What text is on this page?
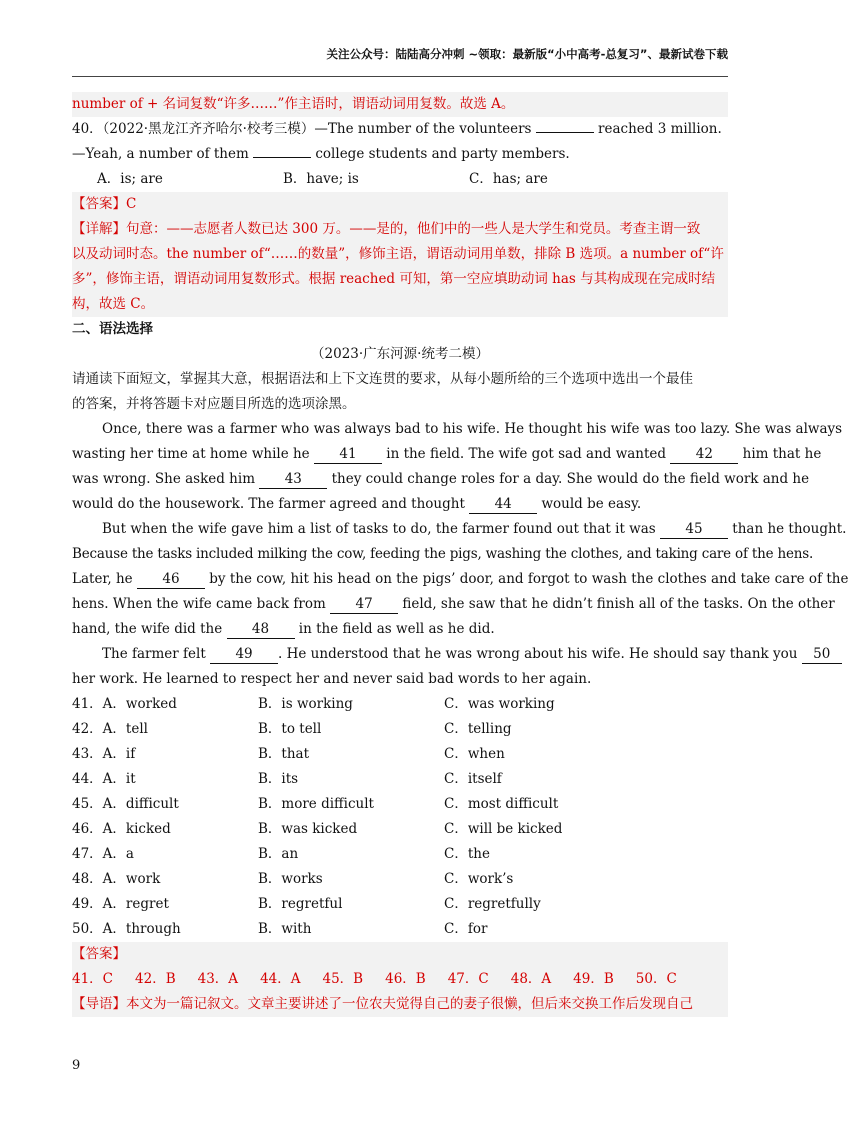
关注公众号：陆陆高分冲刺 ~领取：最新版“小中高考-总复习”、最新试卷下载
number of + 名词复数“许多……”作主语时，谓语动词用复数。故选 A。
40．（2022·黑龙江齐齐哈尔·校考三模）—The number of the volunteers	reached 3 million.
—Yeah, a number of them	college students and party members.
A．is; are	B．have; is	C．has; are
【答案】C
【详解】句意：——志愿者人数已达 300 万。——是的，他们中的一些人是大学生和党员。考查主谓一致
以及动词时态。the number of“……的数量”，修饰主语，谓语动词用单数，排除 B 选项。a number of“许
多”，修饰主语，谓语动词用复数形式。根据 reached 可知，第一空应填助动词 has 与其构成现在完成时结
构，故选 C。
二、语法选择
（2023·广东河源·统考二模）
请通读下面短文，掌握其大意，根据语法和上下文连贯的要求，从每小题所给的三个选项中选出一个最佳
的答案，并将答题卡对应题目所选的选项涂黑。
Once, there was a farmer who was always bad to his wife. He thought his wife was too lazy. She was always
wasting her time at home while he 41 in the field. The wife got sad and wanted 42 him that he
was wrong. She asked him 43 they could change roles for a day. She would do the field work and he
would do the housework. The farmer agreed and thought 44 would be easy.
But when the wife gave him a list of tasks to do, the farmer found out that it was 45 than he thought.
Because the tasks included milking the cow, feeding the pigs, washing the clothes, and taking care of the hens.
Later, he 46 by the cow, hit his head on the pigs’ door, and forgot to wash the clothes and take care of the
hens. When the wife came back from 47 field, she saw that he didn’t finish all of the tasks. On the other
hand, the wife did the 48 in the field as well as he did.
The farmer felt 49 . He understood that he was wrong about his wife. He should say thank you 50
her work. He learned to respect her and never said bad words to her again.
41．A．worked	B．is working	C．was working
42．A．tell	B．to tell	C．telling
43．A．if	B．that	C．when
44．A．it	B．its	C．itself
45．A．difficult	B．more difficult	C．most difficult
46．A．kicked	B．was kicked	C．will be kicked
47．A．a	B．an	C．the
48．A．work	B．works	C．work’s
49．A．regret	B．regretful	C．regretfully
50．A．through	B．with	C．for
【答案】
41．C 42．B 43．A 44．A 45．B 46．B 47．C 48．A 49．B 50．C
【导语】本文为一篇记叙文。文章主要讲述了一位农夫觉得自己的妻子很懒，但后来交换工作后发现自己
9
